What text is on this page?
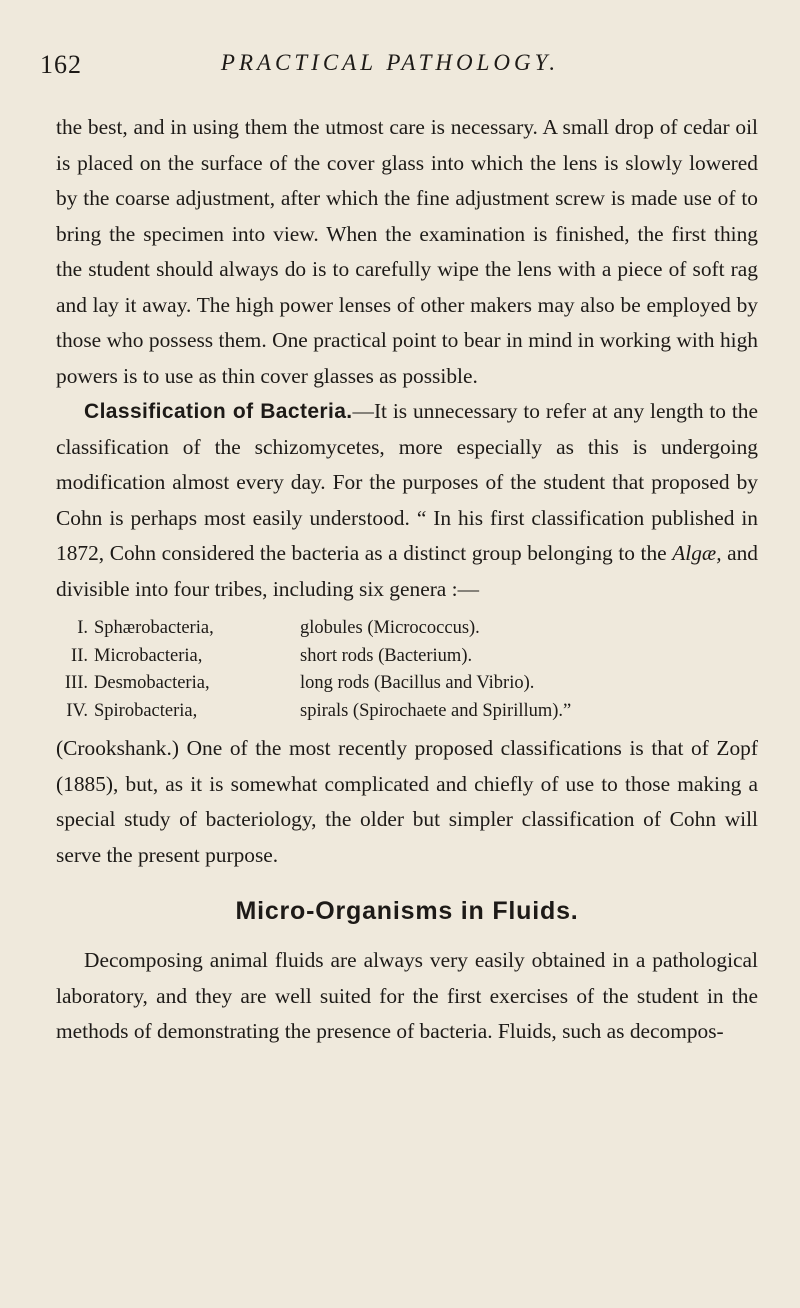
162	PRACTICAL PATHOLOGY.

the best, and in using them the utmost care is necessary. A small drop of cedar oil is placed on the surface of the cover glass into which the lens is slowly lowered by the coarse adjustment, after which the fine adjustment screw is made use of to bring the specimen into view. When the examination is finished, the first thing the student should always do is to carefully wipe the lens with a piece of soft rag and lay it away. The high power lenses of other makers may also be employed by those who possess them. One practical point to bear in mind in working with high powers is to use as thin cover glasses as possible.

Classification of Bacteria.—It is unnecessary to refer at any length to the classification of the schizomycetes, more especially as this is undergoing modification almost every day. For the purposes of the student that proposed by Cohn is perhaps most easily understood. “ In his first classification published in 1872, Cohn considered the bacteria as a distinct group belonging to the Algæ, and divisible into four tribes, including six genera :—

I. Sphærobacteria,	globules (Micrococcus).
II. Microbacteria,	short rods (Bacterium).
III. Desmobacteria,	long rods (Bacillus and Vibrio).
IV. Spirobacteria,	spirals (Spirochaete and Spirillum).”

(Crookshank.) One of the most recently proposed classifications is that of Zopf (1885), but, as it is somewhat complicated and chiefly of use to those making a special study of bacteriology, the older but simpler classification of Cohn will serve the present purpose.

Micro-Organisms in Fluids.

Decomposing animal fluids are always very easily obtained in a pathological laboratory, and they are well suited for the first exercises of the student in the methods of demonstrating the presence of bacteria. Fluids, such as decompos-
